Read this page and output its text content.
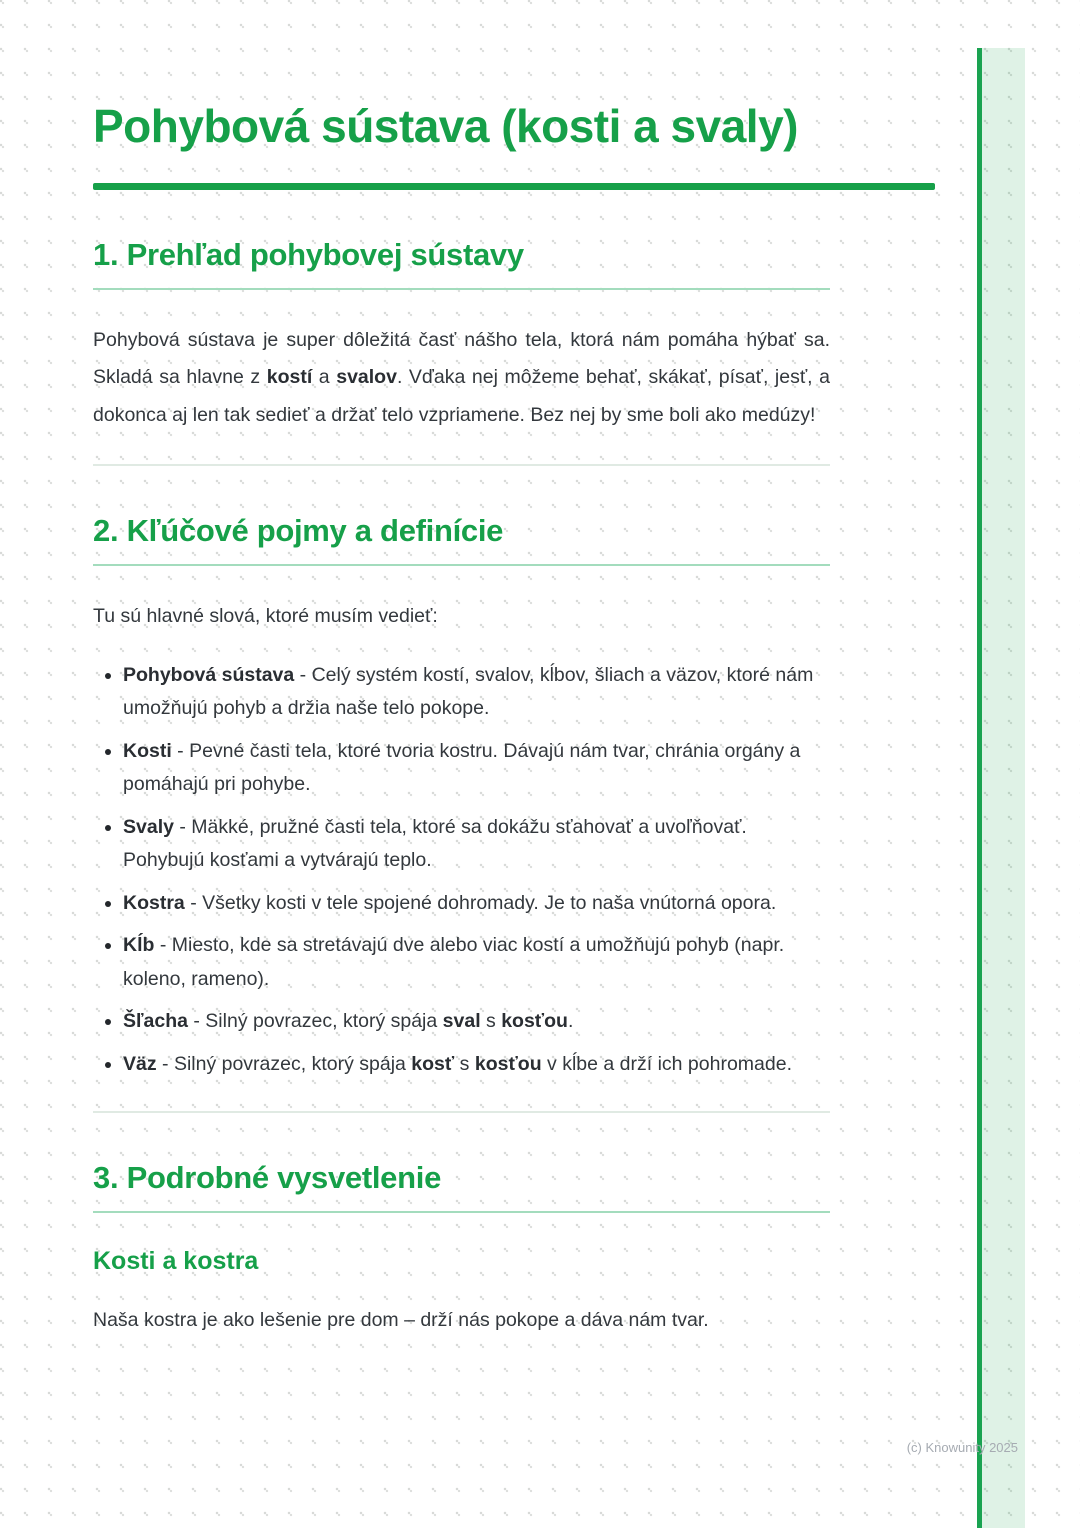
Pohybová sústava (kosti a svaly)
1. Prehľad pohybovej sústavy

Pohybová sústava je super dôležitá časť nášho tela, ktorá nám pomáha hýbať sa. Skladá sa hlavne z kostí a svalov. Vďaka nej môžeme behať, skákať, písať, jesť, a dokonca aj len tak sedieť a držať telo vzpriamene. Bez nej by sme boli ako medúzy!

2. Kľúčové pojmy a definície

Tu sú hlavné slová, ktoré musím vedieť:

• Pohybová sústava - Celý systém kostí, svalov, kĺbov, šliach a väzov, ktoré nám umožňujú pohyb a držia naše telo pokope.
• Kosti - Pevné časti tela, ktoré tvoria kostru. Dávajú nám tvar, chránia orgány a pomáhajú pri pohybe.
• Svaly - Mäkké, pružné časti tela, ktoré sa dokážu sťahovať a uvoľňovať. Pohybujú kosťami a vytvárajú teplo.
• Kostra - Všetky kosti v tele spojené dohromady. Je to naša vnútorná opora.
• Kĺb - Miesto, kde sa stretávajú dve alebo viac kostí a umožňujú pohyb (napr. koleno, rameno).
• Šľacha - Silný povrazec, ktorý spája sval s kosťou.
• Väz - Silný povrazec, ktorý spája kosť s kosťou v kĺbe a drží ich pohromade.
3. Podrobné vysvetlenie
Kosti a kostra

Naša kostra je ako lešenie pre dom – drží nás pokope a dáva nám tvar.

(c) Knowunity 2025
